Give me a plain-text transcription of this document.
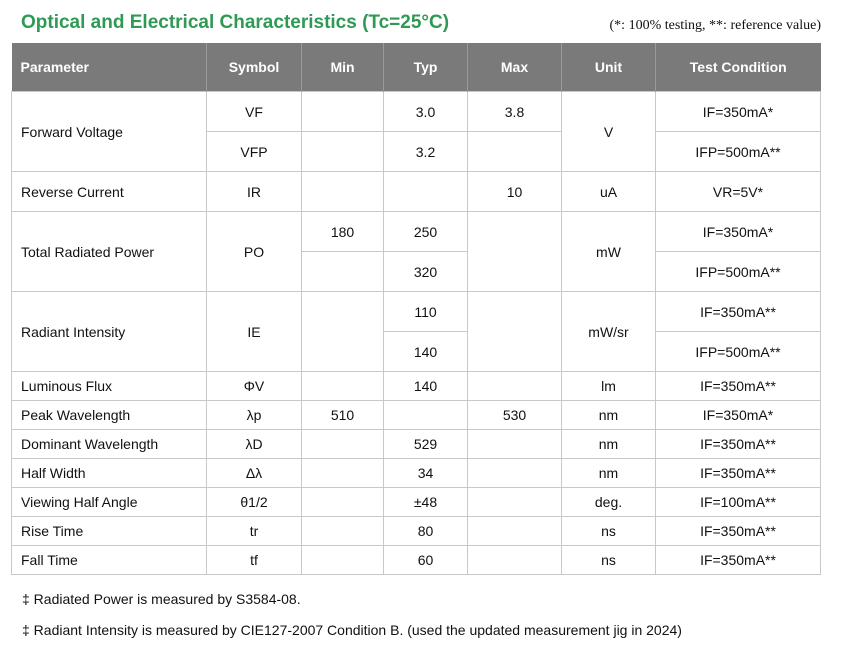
Optical and Electrical Characteristics (Tc=25°C)	(*: 100% testing, **: reference value)
Parameter	Symbol	Min	Typ	Max	Unit	Test Condition
Forward Voltage	VF		3.0	3.8	V	IF=350mA*
	VFP		3.2			IFP=500mA**
Reverse Current	IR			10	uA	VR=5V*
Total Radiated Power	PO	180	250		mW	IF=350mA*
			320			IFP=500mA**
Radiant Intensity	IE		110		mW/sr	IF=350mA**
			140			IFP=500mA**
Luminous Flux	ΦV		140		lm	IF=350mA**
Peak Wavelength	λp	510		530	nm	IF=350mA*
Dominant Wavelength	λD		529		nm	IF=350mA**
Half Width	Δλ		34		nm	IF=350mA**
Viewing Half Angle	θ1/2		±48		deg.	IF=100mA**
Rise Time	tr		80		ns	IF=350mA**
Fall Time	tf		60		ns	IF=350mA**
‡ Radiated Power is measured by S3584-08.
‡ Radiant Intensity is measured by CIE127-2007 Condition B. (used the updated measurement jig in 2024)
